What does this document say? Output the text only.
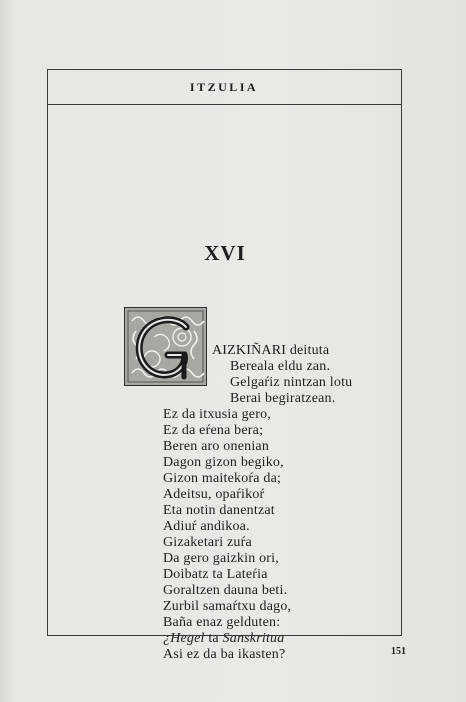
ITZULIA
XVI
AIZKIÑARI deituta
Bereala eldu zan.
Gelgaŕiz nintzan lotu
Berai begiratzean.
Ez da itxusia gero,
Ez da eŕena bera;
Beren aro onenian
Dagon gizon begiko,
Gizon maitekoŕa da;
Adeitsu, opaŕikoŕ
Eta notin danentzat
Adiuŕ andikoa.
Gizaketari zuŕa
Da gero gaizkin ori,
Doibatz ta Lateŕia
Goraltzen dauna beti.
Zurbil samaŕtxu dago,
Baña enaz gelduten:
¿Hegel ta Sanskritua
Asi ez da ba ikasten?	151
